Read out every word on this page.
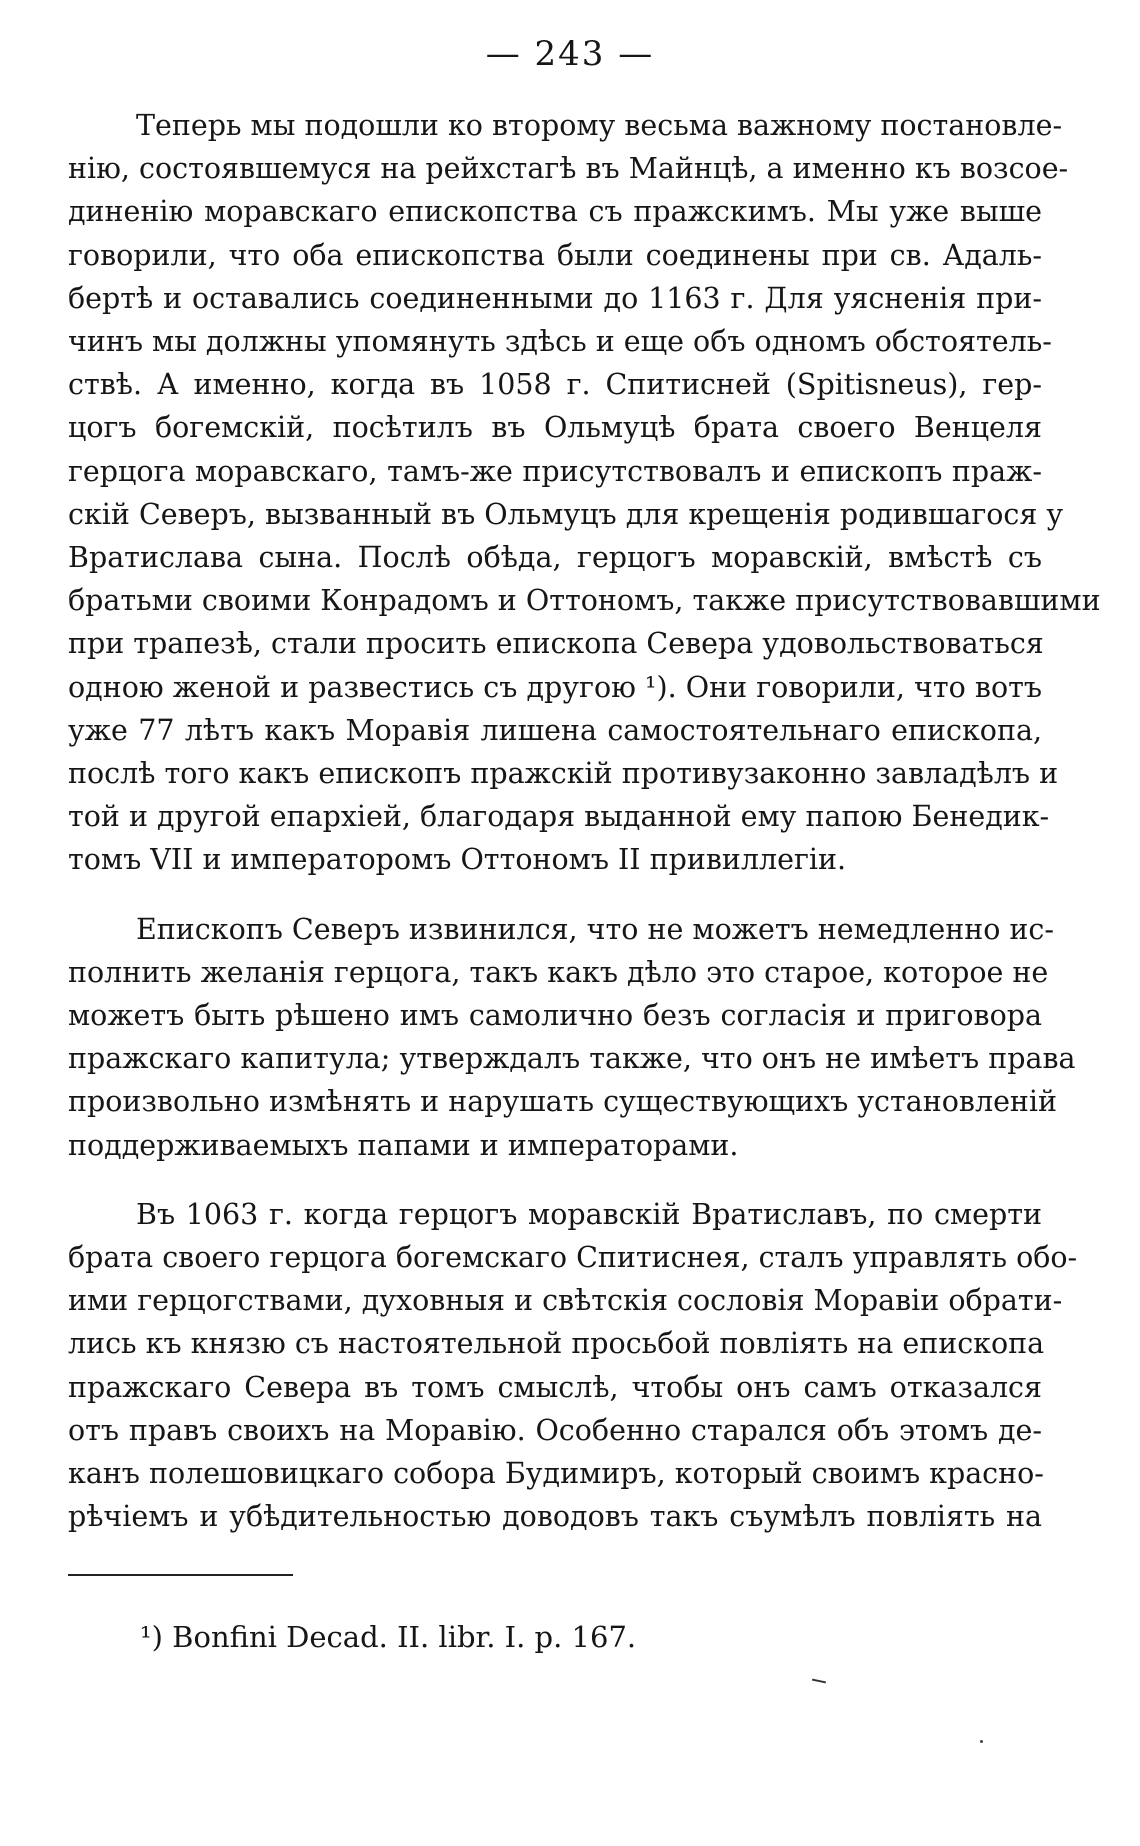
— 243 —
Теперь мы подошли ко второму весьма важному постановле-
нію, состоявшемуся на рейхстагѣ въ Майнцѣ, а именно къ возсое-
диненію моравскаго епископства съ пражскимъ. Мы уже выше
говорили, что оба епископства были соединены при св. Адаль-
бертѣ и оставались соединенными до 1163 г. Для уясненія при-
чинъ мы должны упомянуть здѣсь и еще объ одномъ обстоятель-
ствѣ. А именно, когда въ 1058 г. Спитисней (Spitisneus), гер-
цогъ богемскій, посѣтилъ въ Ольмуцѣ брата своего Венцеля
герцога моравскаго, тамъ-же присутствовалъ и епископъ праж-
скій Северъ, вызванный въ Ольмуцъ для крещенія родившагося у
Вратислава сына. Послѣ обѣда, герцогъ моравскій, вмѣстѣ съ
братьми своими Конрадомъ и Оттономъ, также присутствовавшими
при трапезѣ, стали просить епископа Севера удовольствоваться
одною женой и развестись съ другою ¹). Они говорили, что вотъ
уже 77 лѣтъ какъ Моравія лишена самостоятельнаго епископа,
послѣ того какъ епископъ пражскій противузаконно завладѣлъ и
той и другой епархіей, благодаря выданной ему папою Бенедик-
томъ VII и императоромъ Оттономъ II привиллегіи.
Епископъ Северъ извинился, что не можетъ немедленно ис-
полнить желанія герцога, такъ какъ дѣло это старое, которое не
можетъ быть рѣшено имъ самолично безъ согласія и приговора
пражскаго капитула; утверждалъ также, что онъ не имѣетъ права
произвольно измѣнять и нарушать существующихъ установленій
поддерживаемыхъ папами и императорами.
Въ 1063 г. когда герцогъ моравскій Вратиславъ, по смерти
брата своего герцога богемскаго Спитиснея, сталъ управлять обо-
ими герцогствами, духовныя и свѣтскія сословія Моравіи обрати-
лись къ князю съ настоятельной просьбой повліять на епископа
пражскаго Севера въ томъ смыслѣ, чтобы онъ самъ отказался
отъ правъ своихъ на Моравію. Особенно старался объ этомъ де-
канъ полешовицкаго собора Будимиръ, который своимъ красно-
рѣчіемъ и убѣдительностью доводовъ такъ съумѣлъ повліять на
¹) Bonfini Decad. II. libr. I. p. 167.
